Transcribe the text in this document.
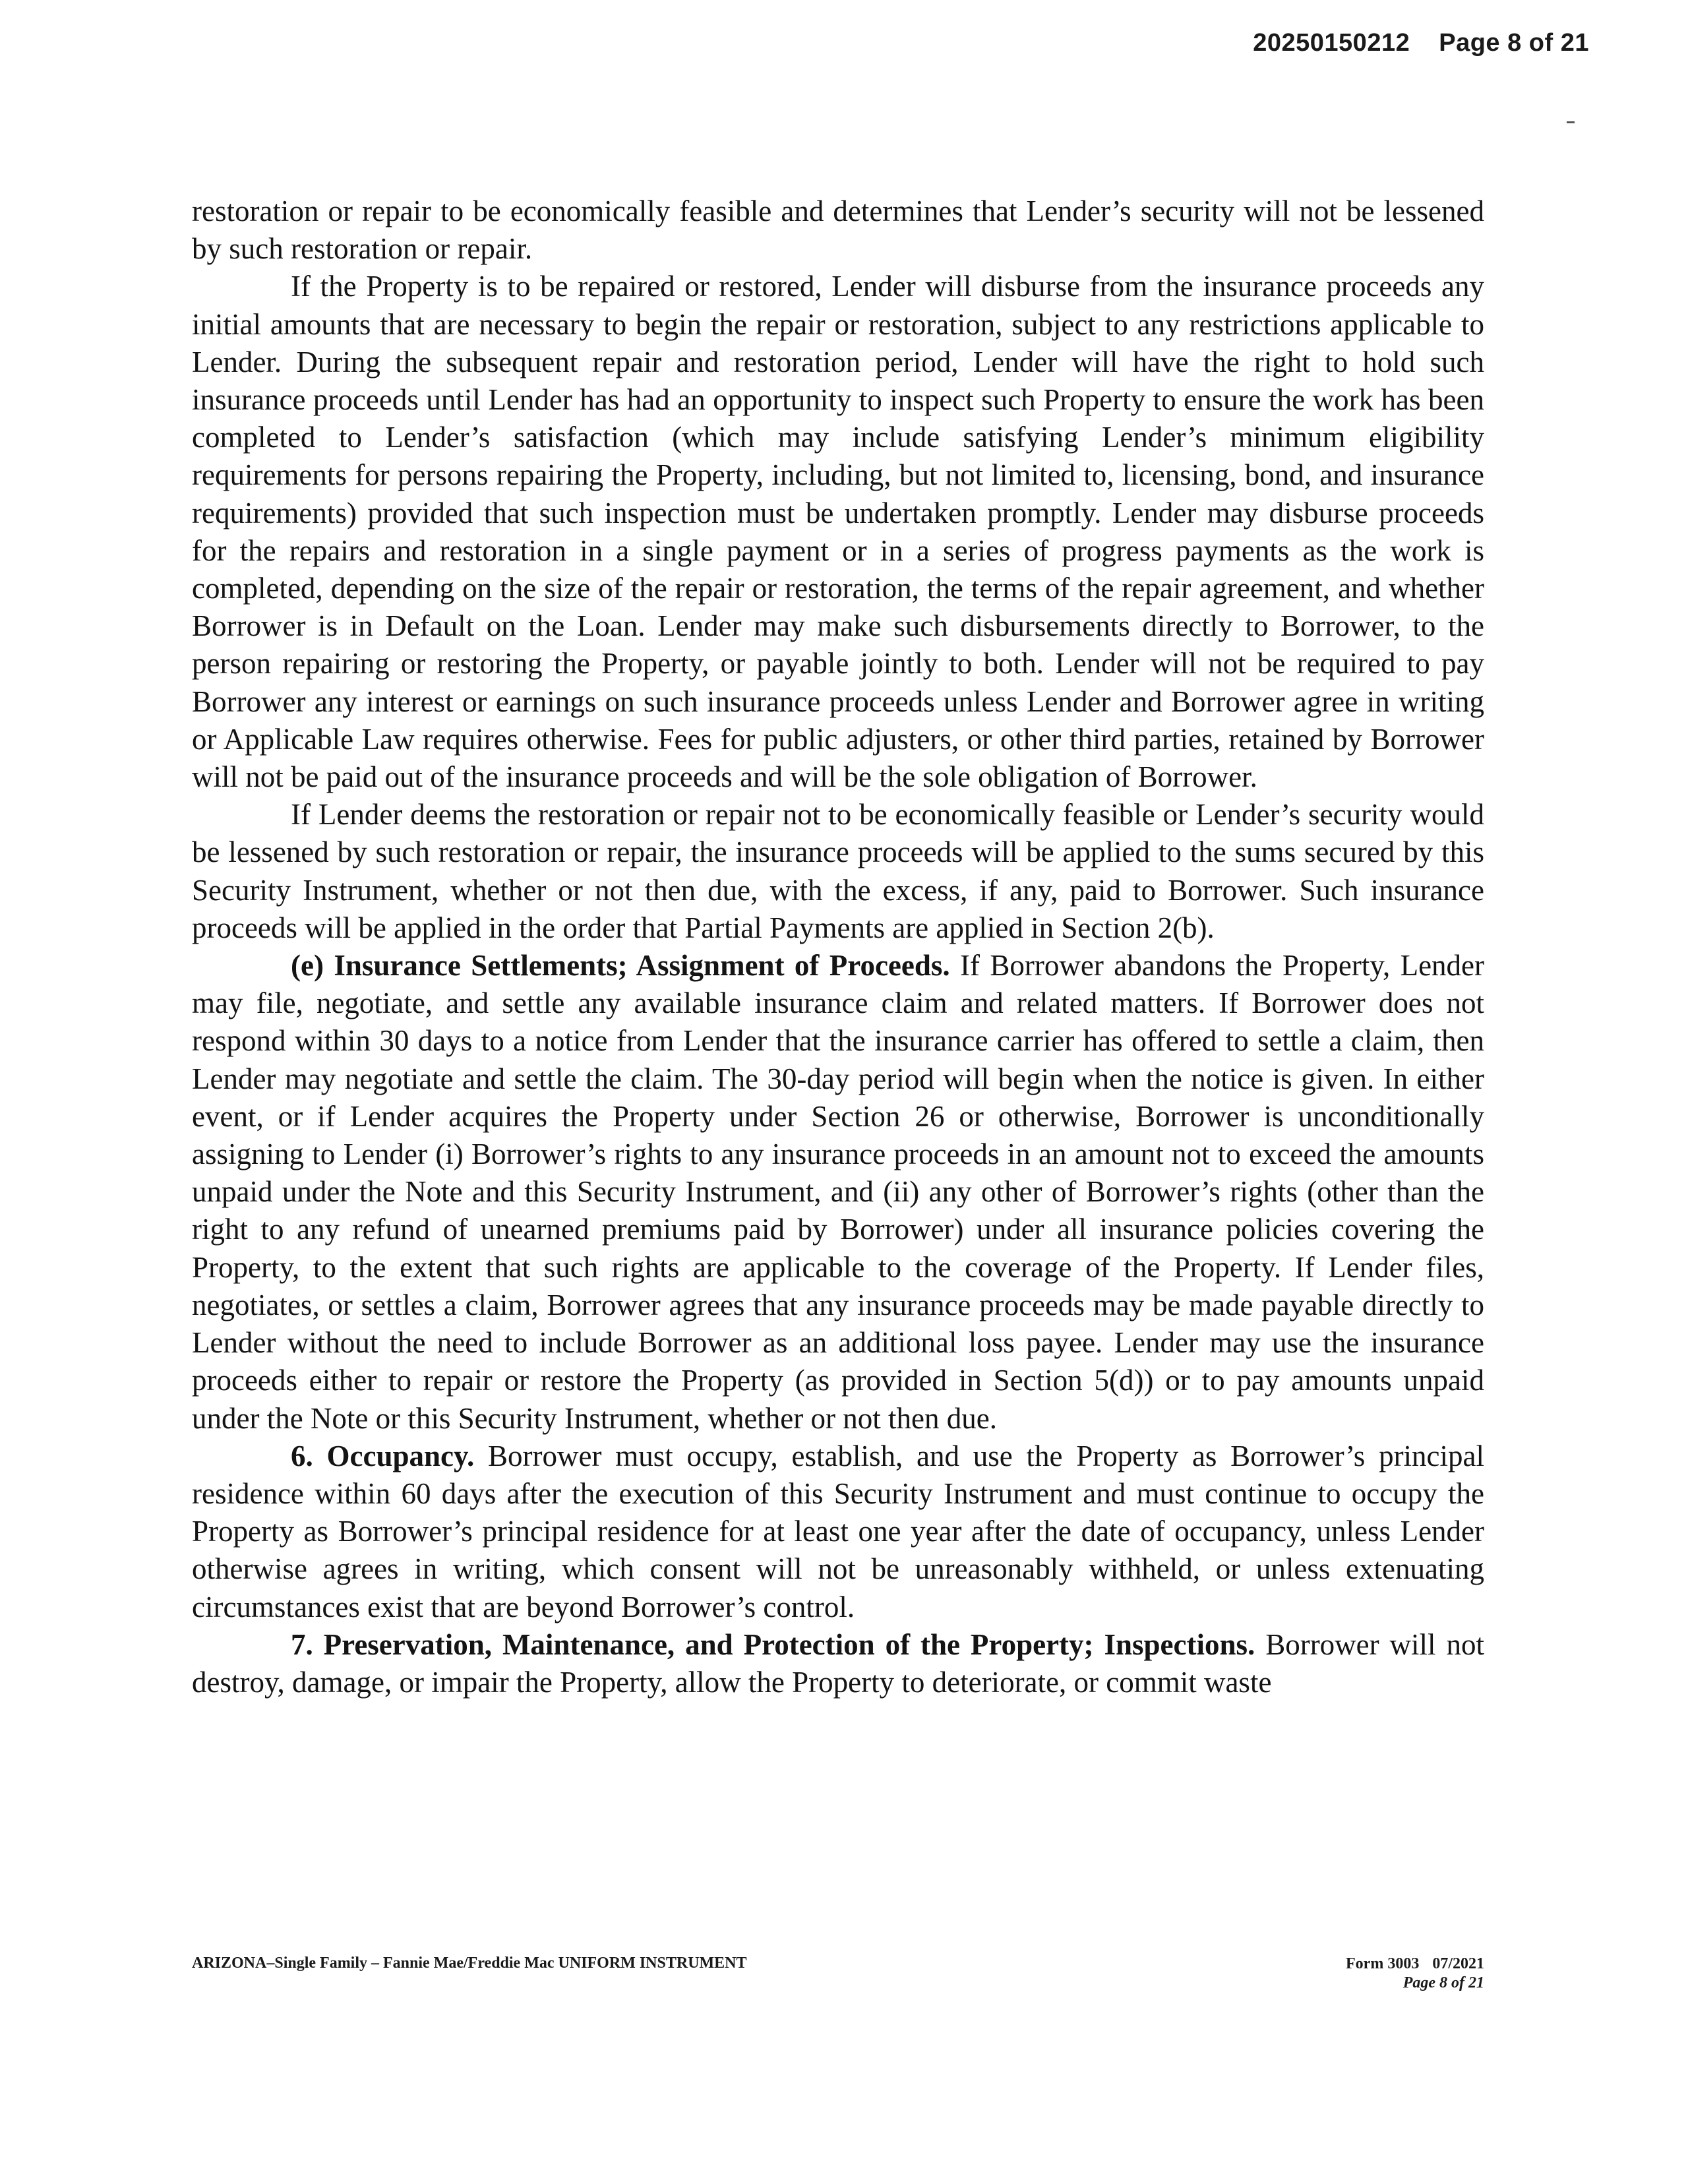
20250150212 Page 8 of 21

restoration or repair to be economically feasible and determines that Lender’s security will not be lessened by such restoration or repair.

If the Property is to be repaired or restored, Lender will disburse from the insurance proceeds any initial amounts that are necessary to begin the repair or restoration, subject to any restrictions applicable to Lender. During the subsequent repair and restoration period, Lender will have the right to hold such insurance proceeds until Lender has had an opportunity to inspect such Property to ensure the work has been completed to Lender’s satisfaction (which may include satisfying Lender’s minimum eligibility requirements for persons repairing the Property, including, but not limited to, licensing, bond, and insurance requirements) provided that such inspection must be undertaken promptly. Lender may disburse proceeds for the repairs and restoration in a single payment or in a series of progress payments as the work is completed, depending on the size of the repair or restoration, the terms of the repair agreement, and whether Borrower is in Default on the Loan. Lender may make such disbursements directly to Borrower, to the person repairing or restoring the Property, or payable jointly to both. Lender will not be required to pay Borrower any interest or earnings on such insurance proceeds unless Lender and Borrower agree in writing or Applicable Law requires otherwise. Fees for public adjusters, or other third parties, retained by Borrower will not be paid out of the insurance proceeds and will be the sole obligation of Borrower.

If Lender deems the restoration or repair not to be economically feasible or Lender’s security would be lessened by such restoration or repair, the insurance proceeds will be applied to the sums secured by this Security Instrument, whether or not then due, with the excess, if any, paid to Borrower. Such insurance proceeds will be applied in the order that Partial Payments are applied in Section 2(b).

(e) Insurance Settlements; Assignment of Proceeds. If Borrower abandons the Property, Lender may file, negotiate, and settle any available insurance claim and related matters. If Borrower does not respond within 30 days to a notice from Lender that the insurance carrier has offered to settle a claim, then Lender may negotiate and settle the claim. The 30-day period will begin when the notice is given. In either event, or if Lender acquires the Property under Section 26 or otherwise, Borrower is unconditionally assigning to Lender (i) Borrower’s rights to any insurance proceeds in an amount not to exceed the amounts unpaid under the Note and this Security Instrument, and (ii) any other of Borrower’s rights (other than the right to any refund of unearned premiums paid by Borrower) under all insurance policies covering the Property, to the extent that such rights are applicable to the coverage of the Property. If Lender files, negotiates, or settles a claim, Borrower agrees that any insurance proceeds may be made payable directly to Lender without the need to include Borrower as an additional loss payee. Lender may use the insurance proceeds either to repair or restore the Property (as provided in Section 5(d)) or to pay amounts unpaid under the Note or this Security Instrument, whether or not then due.

6. Occupancy. Borrower must occupy, establish, and use the Property as Borrower’s principal residence within 60 days after the execution of this Security Instrument and must continue to occupy the Property as Borrower’s principal residence for at least one year after the date of occupancy, unless Lender otherwise agrees in writing, which consent will not be unreasonably withheld, or unless extenuating circumstances exist that are beyond Borrower’s control.

7. Preservation, Maintenance, and Protection of the Property; Inspections. Borrower will not destroy, damage, or impair the Property, allow the Property to deteriorate, or commit waste

ARIZONA–Single Family – Fannie Mae/Freddie Mac UNIFORM INSTRUMENT	Form 3003 07/2021
Page 8 of 21
